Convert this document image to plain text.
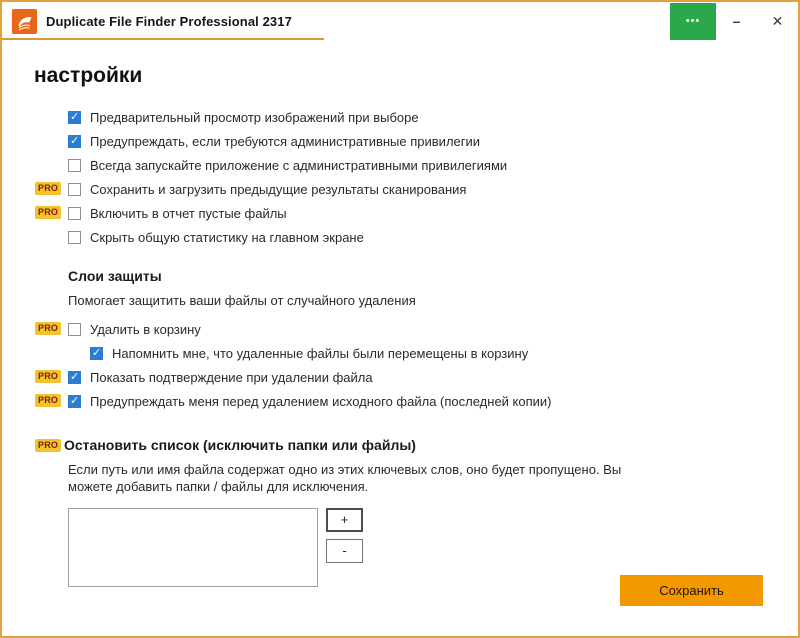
Duplicate File Finder Professional 2317	•••	–	✕
настройки
✓
Предварительный просмотр изображений при выборе
✓
Предупреждать, если требуются административные привилегии
Всегда запускайте приложение с административными привилегиями
PRO Сохранить и загрузить предыдущие результаты сканирования
PRO Включить в отчет пустые файлы
Скрыть общую статистику на главном экране
Слои защиты
Помогает защитить ваши файлы от случайного удаления
PRO Удалить в корзину
✓
Напомнить мне, что удаленные файлы были перемещены в корзину
PRO ✓ Показать подтверждение при удалении файла
PRO ✓ Предупреждать меня перед удалением исходного файла (последней копии)
PRO Остановить список (исключить папки или файлы)
Если путь или имя файла содержат одно из этих ключевых слов, оно будет пропущено. Вы можете добавить папки / файлы для исключения.
+
-
Сохранить
